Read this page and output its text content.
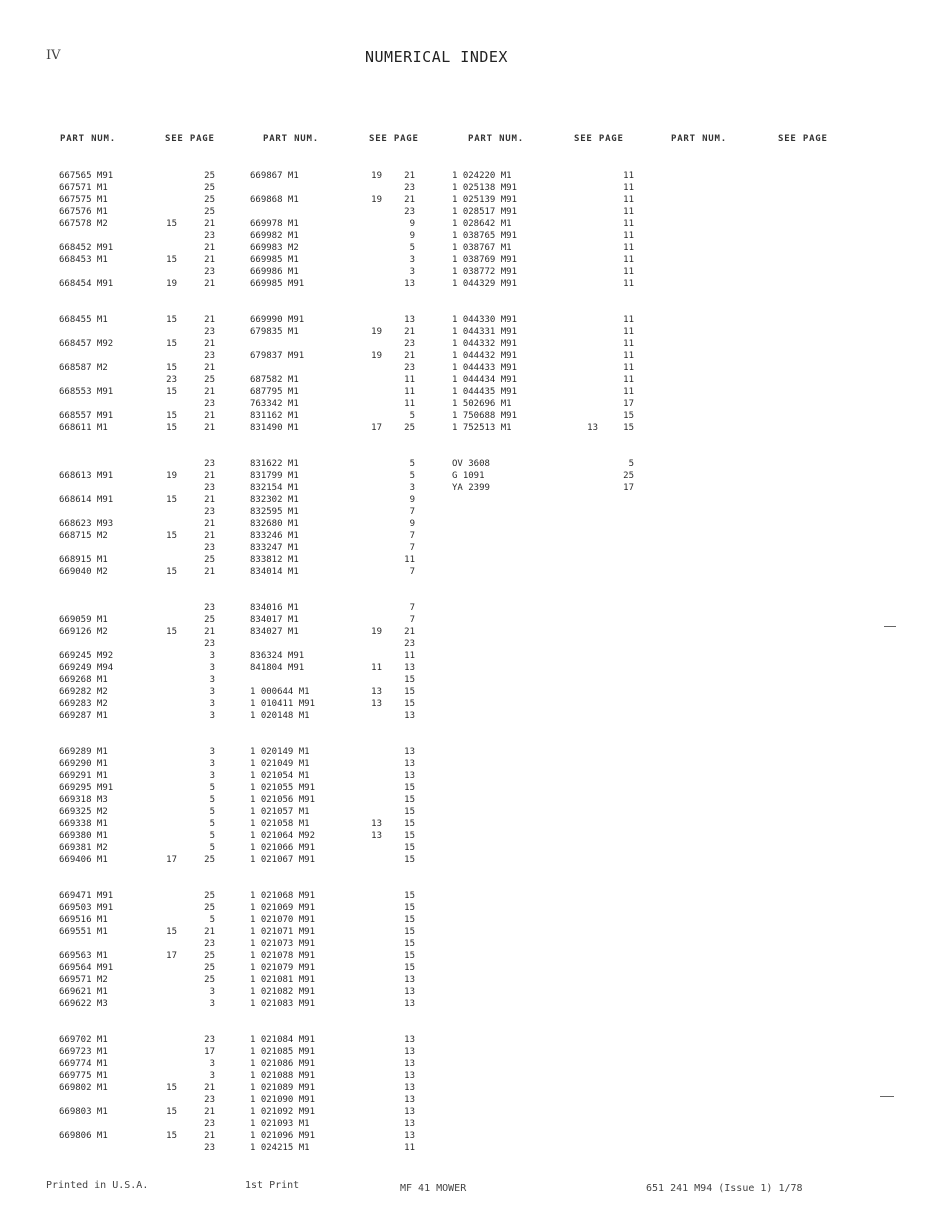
IV	NUMERICAL INDEX
PART NUM.	SEE PAGE	PART NUM.	SEE PAGE	PART NUM.	SEE PAGE	PART NUM.	SEE PAGE
667565 M91	25
667571 M1	25
667575 M1	25
667576 M1	25
667578 M2	15	21
23
668452 M91	21
668453 M1	15	21
23
668454 M91	19	21
668455 M1	15	21
23
668457 M92	15	21
23
668587 M2	15	21
23	25
668553 M91	15	21
23
668557 M91	15	21
668611 M1	15	21
23
668613 M91	19	21
23
668614 M91	15	21
23
668623 M93	21
668715 M2	15	21
23
668915 M1	25
669040 M2	15	21
23
669059 M1	25
669126 M2	15	21
23
669245 M92	3
669249 M94	3
669268 M1	3
669282 M2	3
669283 M2	3
669287 M1	3
669289 M1	3
669290 M1	3
669291 M1	3
669295 M91	5
669318 M3	5
669325 M2	5
669338 M1	5
669380 M1	5
669381 M2	5
669406 M1	17	25
669471 M91	25
669503 M91	25
669516 M1	5
669551 M1	15	21
23
669563 M1	17	25
669564 M91	25
669571 M2	25
669621 M1	3
669622 M3	3
669702 M1	23
669723 M1	17
669774 M1	3
669775 M1	3
669802 M1	15	21
23
669803 M1	15	21
23
669806 M1	15	21
23
669867 M1	19 21
23
669868 M1	19 21
23
669978 M1	9
669982 M1	9
669983 M2	5
669985 M1	3
669986 M1	3
669985 M91	13
669990 M91	13
679835 M1	19 21
23
679837 M91	19 21
23
687582 M1	11
687795 M1	11
763342 M1	11
831162 M1	5
831490 M1	17 25
831622 M1	5
831799 M1	5
832154 M1	3
832302 M1	9
832595 M1	7
832680 M1	9
833246 M1	7
833247 M1	7
833812 M1	11
834014 M1	7
834016 M1	7
834017 M1	7
834027 M1	19 21
23
836324 M91	11
841804 M91	11 13
15
1 000644 M1	13 15
1 010411 M91	13 15
1 020148 M1	13
1 020149 M1	13
1 021049 M1	13
1 021054 M1	13
1 021055 M91	15
1 021056 M91	15
1 021057 M1	15
1 021058 M1	13 15
1 021064 M92	13 15
1 021066 M91	15
1 021067 M91	15
1 021068 M91	15
1 021069 M91	15
1 021070 M91	15
1 021071 M91	15
1 021073 M91	15
1 021078 M91	15
1 021079 M91	15
1 021081 M91	13
1 021082 M91	13
1 021083 M91	13
1 021084 M91	13
1 021085 M91	13
1 021086 M91	13
1 021088 M91	13
1 021089 M91	13
1 021090 M91	13
1 021092 M91	13
1 021093 M1	13
1 021096 M91	13
1 024215 M1	11
1 024220 M1	11
1 025138 M91	11
1 025139 M91	11
1 028517 M91	11
1 028642 M1	11
1 038765 M91	11
1 038767 M1	11
1 038769 M91	11
1 038772 M91	11
1 044329 M91	11
1 044330 M91	11
1 044331 M91	11
1 044332 M91	11
1 044432 M91	11
1 044433 M91	11
1 044434 M91	11
1 044435 M91	11
1 502696 M1	17
1 750688 M91	15
1 752513 M1	13	15
OV 3608	5
G 1091	25
YA 2399	17
Printed in U.S.A.	1st Print	MF 41 MOWER	651 241 M94 (Issue 1) 1/78
